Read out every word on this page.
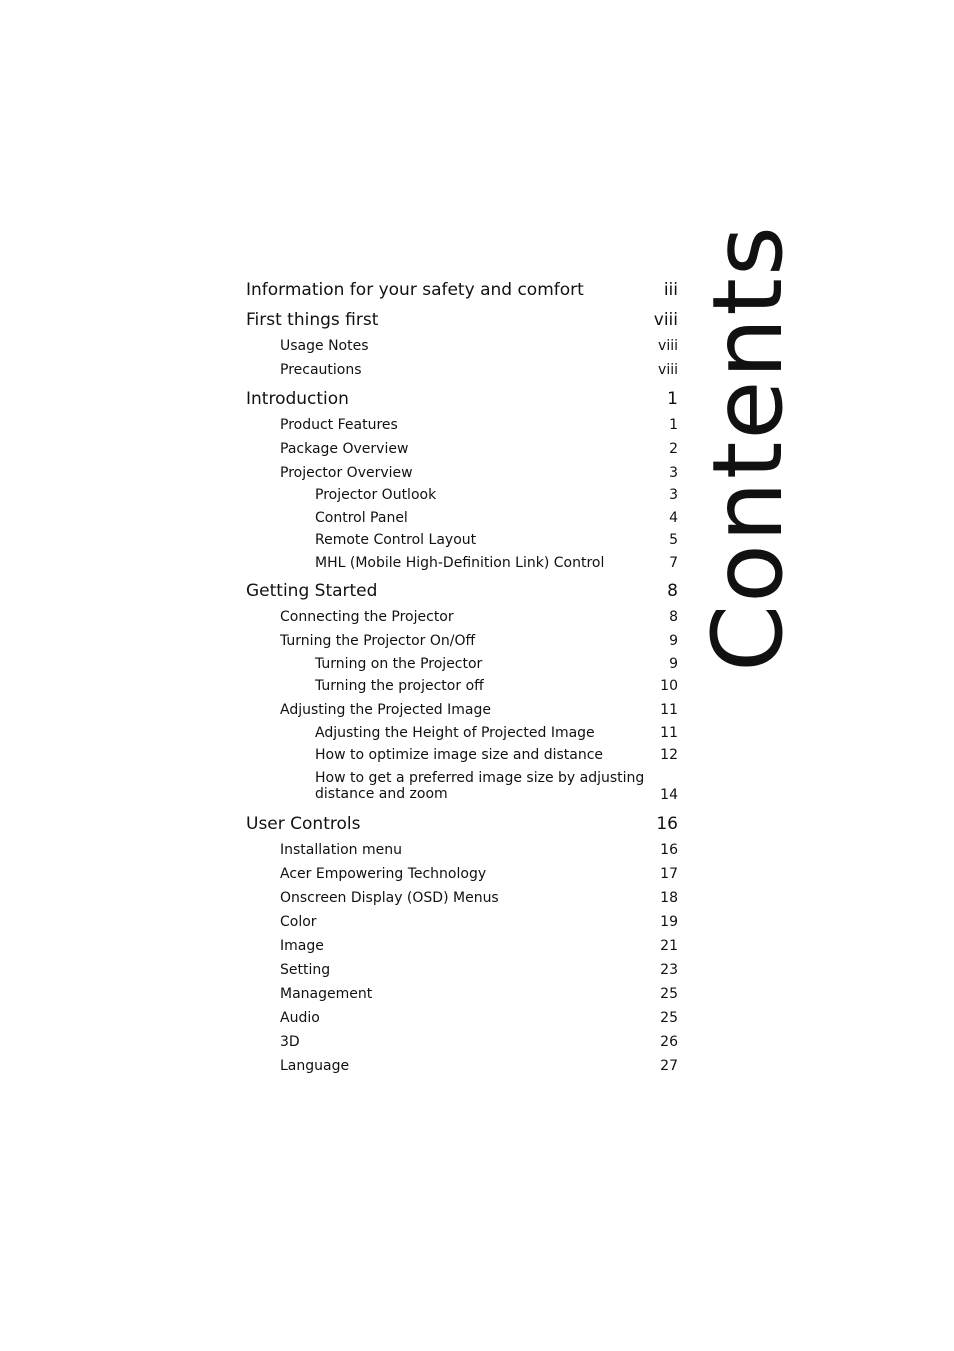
Information for your safety and comfort	iii
First things first	viii
Usage Notes	viii
Precautions	viii
Introduction	1
Product Features	1
Package Overview	2
Projector Overview	3
Projector Outlook	3
Control Panel	4
Remote Control Layout	5
MHL (Mobile High-Definition Link) Control	7
Getting Started	8
Connecting the Projector	8
Turning the Projector On/Off	9
Turning on the Projector	9
Turning the projector off	10
Adjusting the Projected Image	11
Adjusting the Height of Projected Image	11
How to optimize image size and distance	12
How to get a preferred image size by adjusting
distance and zoom	14
User Controls	16
Installation menu	16
Acer Empowering Technology	17
Onscreen Display (OSD) Menus	18
Color	19
Image	21
Setting	23
Management	25
Audio	25
3D	26
Language	27
Contents
